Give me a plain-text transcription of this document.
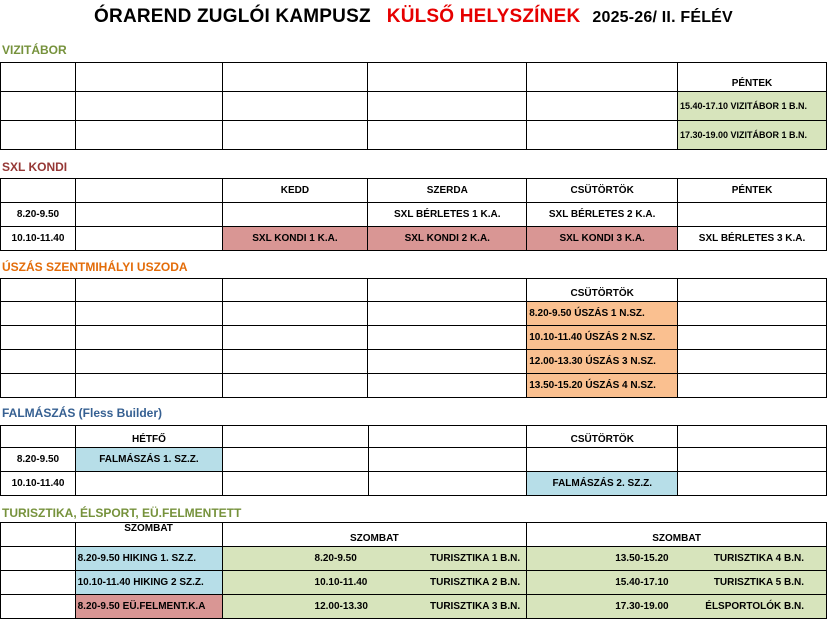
ÓRAREND ZUGLÓI KAMPUSZ KÜLSŐ HELYSZÍNEK 2025-26/ II. FÉLÉV
VIZITÁBOR
					PÉNTEK
					15.40-17.10 VIZITÁBOR 1 B.N.
					17.30-19.00 VIZITÁBOR 1 B.N.
SXL KONDI
		KEDD	SZERDA	CSÜTÖRTÖK	PÉNTEK
8.20-9.50			SXL BÉRLETES 1 K.A.	SXL BÉRLETES 2 K.A.	
10.10-11.40		SXL KONDI 1 K.A.	SXL KONDI 2 K.A.	SXL KONDI 3 K.A.	SXL BÉRLETES 3 K.A.
ÚSZÁS SZENTMIHÁLYI USZODA
				CSÜTÖRTÖK	
				8.20-9.50 ÚSZÁS 1 N.SZ.	
				10.10-11.40 ÚSZÁS 2 N.SZ.	
				12.00-13.30 ÚSZÁS 3 N.SZ.	
				13.50-15.20 ÚSZÁS 4 N.SZ.	
FALMÁSZÁS (Fless Builder)
	HÉTFŐ			CSÜTÖRTÖK	
8.20-9.50	FALMÁSZÁS 1. SZ.Z.				
10.10-11.40				FALMÁSZÁS 2. SZ.Z.	
TURISZTIKA, ÉLSPORT, EÜ.FELMENTETT
	SZOMBAT	SZOMBAT	SZOMBAT
	8.20-9.50 HIKING 1. SZ.Z.	8.20-9.50 TURISZTIKA 1 B.N.	13.50-15.20 TURISZTIKA 4 B.N.

	10.10-11.40 HIKING 2 SZ.Z.	10.10-11.40 TURISZTIKA 2 B.N.	15.40-17.10 TURISZTIKA 5 B.N.

	8.20-9.50 EÜ.FELMENT.K.A	12.00-13.30 TURISZTIKA 3 B.N.	17.30-19.00 ÉLSPORTOLÓK B.N.
